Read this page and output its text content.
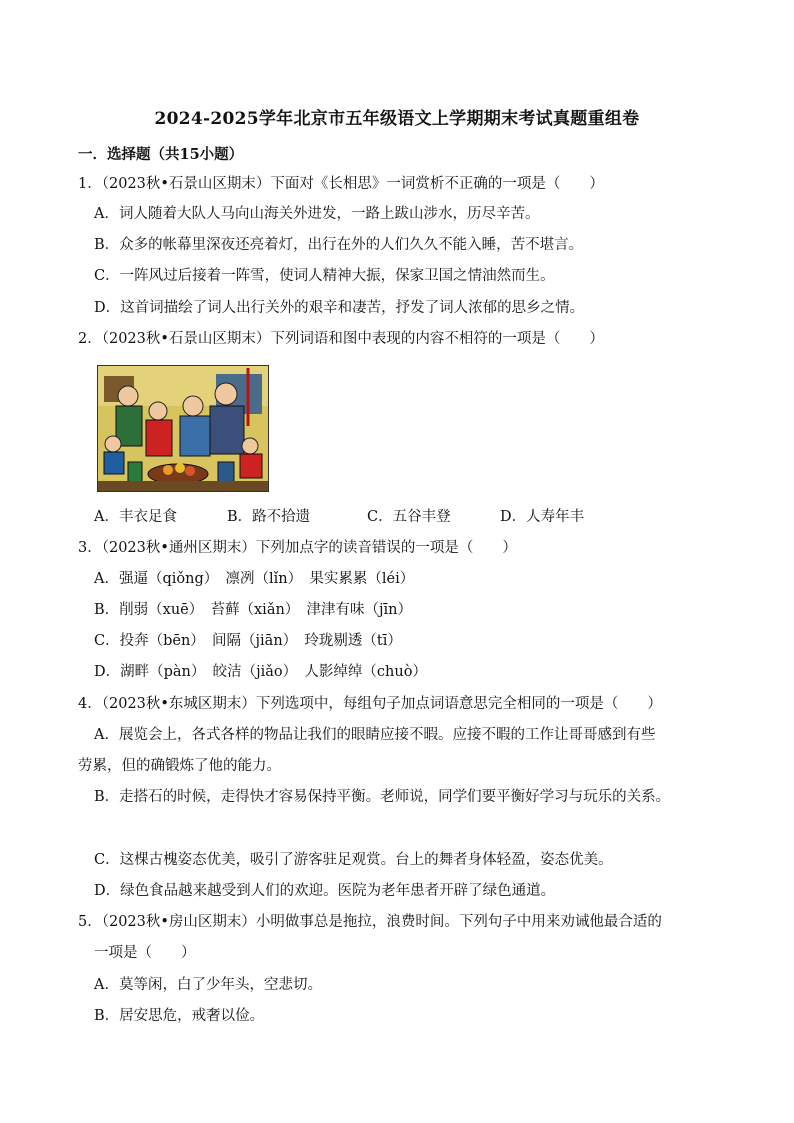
2024-2025学年北京市五年级语文上学期期末考试真题重组卷
一．选择题（共15小题）
1．（2023秋•石景山区期末）下面对《长相思》一词赏析不正确的一项是（　　）
A．词人随着大队人马向山海关外进发，一路上跋山涉水，历尽辛苦。
B．众多的帐幕里深夜还亮着灯，出行在外的人们久久不能入睡，苦不堪言。
C．一阵风过后接着一阵雪，使词人精神大振，保家卫国之情油然而生。
D．这首词描绘了词人出行关外的艰辛和凄苦，抒发了词人浓郁的思乡之情。
2．（2023秋•石景山区期末）下列词语和图中表现的内容不相符的一项是（　　）
A．丰衣足食	B．路不拾遗	C．五谷丰登	D．人寿年丰
3．（2023秋•通州区期末）下列加点字的读音错误的一项是（　　）
A．强逼（qiǒng）　凛冽（lǐn）　果实累累（léi）
B．削弱（xuē）　苔藓（xiǎn）　津津有味（jīn）
C．投奔（bēn）　间隔（jiān）　玲珑剔透（tī）
D．湖畔（pàn）　皎洁（jiǎo）　人影绰绰（chuò）
4．（2023秋•东城区期末）下列选项中，每组句子加点词语意思完全相同的一项是（　　）
A．展览会上，各式各样的物品让我们的眼睛应接不暇。应接不暇的工作让哥哥感到有些
劳累，但的确锻炼了他的能力。
B．走搭石的时候，走得快才容易保持平衡。老师说，同学们要平衡好学习与玩乐的关系。
C．这棵古槐姿态优美，吸引了游客驻足观赏。台上的舞者身体轻盈，姿态优美。
D．绿色食品越来越受到人们的欢迎。医院为老年患者开辟了绿色通道。
5．（2023秋•房山区期末）小明做事总是拖拉，浪费时间。下列句子中用来劝诫他最合适的
一项是（　　）
A．莫等闲，白了少年头，空悲切。
B．居安思危，戒奢以俭。
